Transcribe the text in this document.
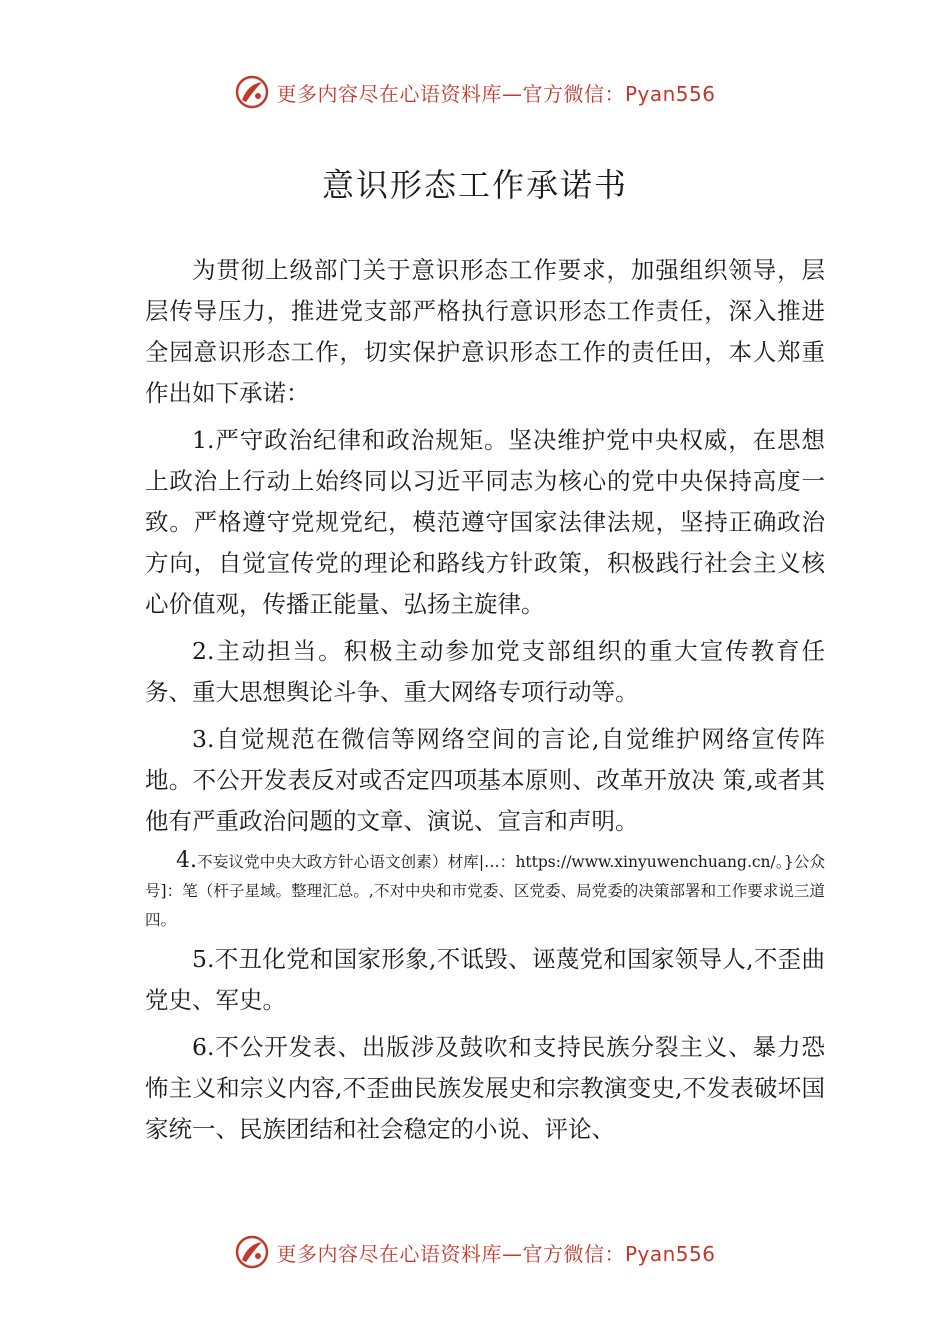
更多内容尽在心语资料库—官方微信：Pyan556
意识形态工作承诺书

为贯彻上级部门关于意识形态工作要求，加强组织领导，层层传导压力，推进党支部严格执行意识形态工作责任，深入推进全园意识形态工作，切实保护意识形态工作的责任田，本人郑重作出如下承诺：

1.严守政治纪律和政治规矩。坚决维护党中央权威，在思想上政治上行动上始终同以习近平同志为核心的党中央保持高度一致。严格遵守党规党纪，模范遵守国家法律法规，坚持正确政治方向，自觉宣传党的理论和路线方针政策，积极践行社会主义核心价值观，传播正能量、弘扬主旋律。

2.主动担当。积极主动参加党支部组织的重大宣传教育任务、重大思想舆论斗争、重大网络专项行动等。

3.自觉规范在微信等网络空间的言论,自觉维护网络宣传阵地。不公开发表反对或否定四项基本原则、改革开放决 策,或者其他有严重政治问题的文章、演说、宣言和声明。

4.不妄议党中央大政方针心语文创素）材库|…：https://www.xinyuwenchuang.cn/。}公众号]：笔（杆子星域。整理汇总。,不对中央和市党委、区党委、局党委的决策部署和工作要求说三道四。

5.不丑化党和国家形象,不诋毁、诬蔑党和国家领导人,不歪曲党史、军史。

6.不公开发表、出版涉及鼓吹和支持民族分裂主义、暴力恐怖主义和宗义内容,不歪曲民族发展史和宗教演变史,不发表破坏国家统一、民族团结和社会稳定的小说、评论、

更多内容尽在心语资料库—官方微信：Pyan556
